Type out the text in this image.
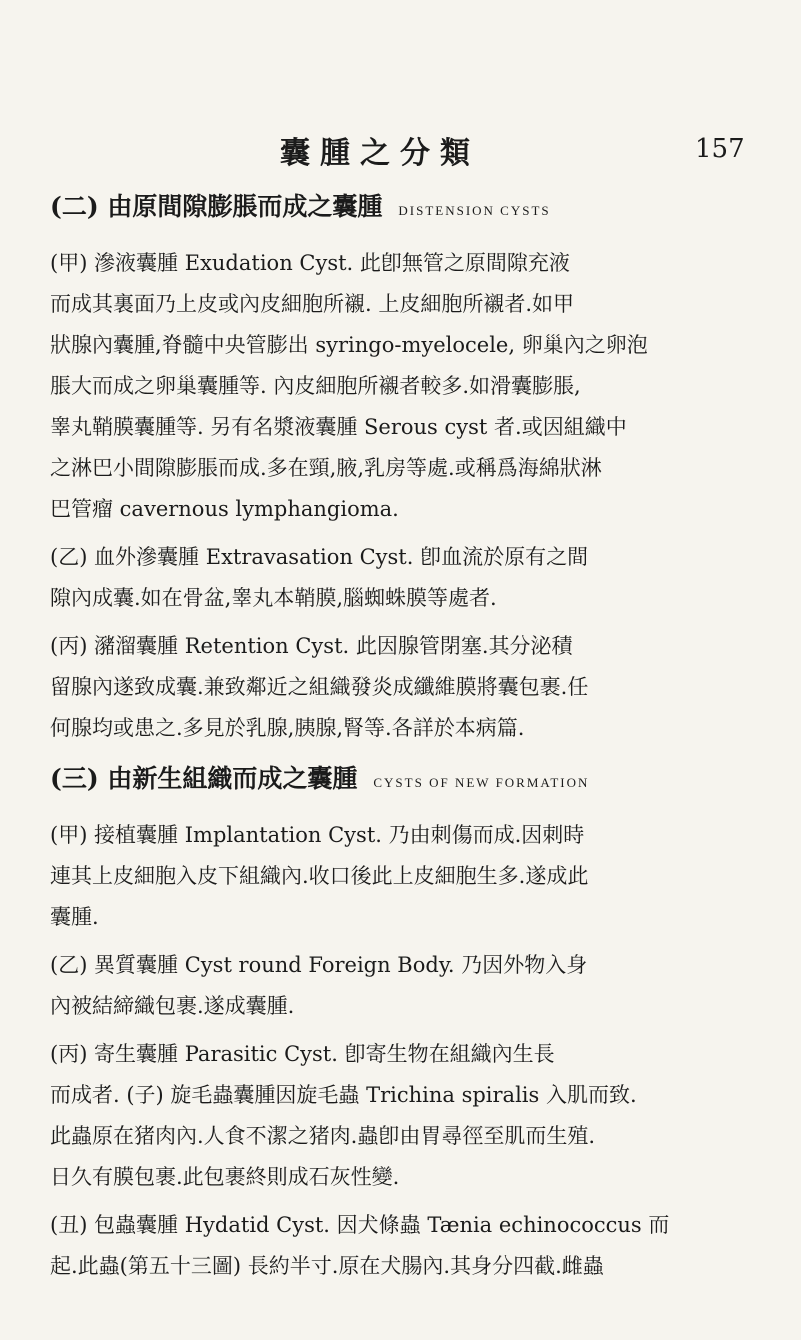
囊腫之分類	157
(二) 由原間隙膨脹而成之囊腫 DISTENSION CYSTS
(甲) 滲液囊腫 Exudation Cyst. 此卽無管之原間隙充液
而成其裏面乃上皮或內皮細胞所襯. 上皮細胞所襯者.如甲
狀腺內囊腫,脊髓中央管膨出 syringo-myelocele, 卵巢內之卵泡
脹大而成之卵巢囊腫等. 內皮細胞所襯者較多.如滑囊膨脹,
睾丸鞘膜囊腫等. 另有名漿液囊腫 Serous cyst 者.或因組織中
之淋巴小間隙膨脹而成.多在頸,腋,乳房等處.或稱爲海綿狀淋
巴管瘤 cavernous lymphangioma.
(乙) 血外滲囊腫 Extravasation Cyst. 卽血流於原有之間
隙內成囊.如在骨盆,睾丸本鞘膜,腦蜘蛛膜等處者.
(丙) 瀦溜囊腫 Retention Cyst. 此因腺管閉塞.其分泌積
留腺內遂致成囊.兼致鄰近之組織發炎成纖維膜將囊包裹.任
何腺均或患之.多見於乳腺,胰腺,腎等.各詳於本病篇.
(三) 由新生組織而成之囊腫 CYSTS OF NEW FORMATION
(甲) 接植囊腫 Implantation Cyst. 乃由刺傷而成.因刺時
連其上皮細胞入皮下組織內.收口後此上皮細胞生多.遂成此
囊腫.
(乙) 異質囊腫 Cyst round Foreign Body. 乃因外物入身
內被結締織包裹.遂成囊腫.
(丙) 寄生囊腫 Parasitic Cyst. 卽寄生物在組織內生長
而成者. (子) 旋毛蟲囊腫因旋毛蟲 Trichina spiralis 入肌而致.
此蟲原在猪肉內.人食不潔之猪肉.蟲卽由胃尋徑至肌而生殖.
日久有膜包裹.此包裹終則成石灰性變.
(丑) 包蟲囊腫 Hydatid Cyst. 因犬條蟲 Tænia echinococcus 而
起.此蟲(第五十三圖) 長約半寸.原在犬腸內.其身分四截.雌蟲
